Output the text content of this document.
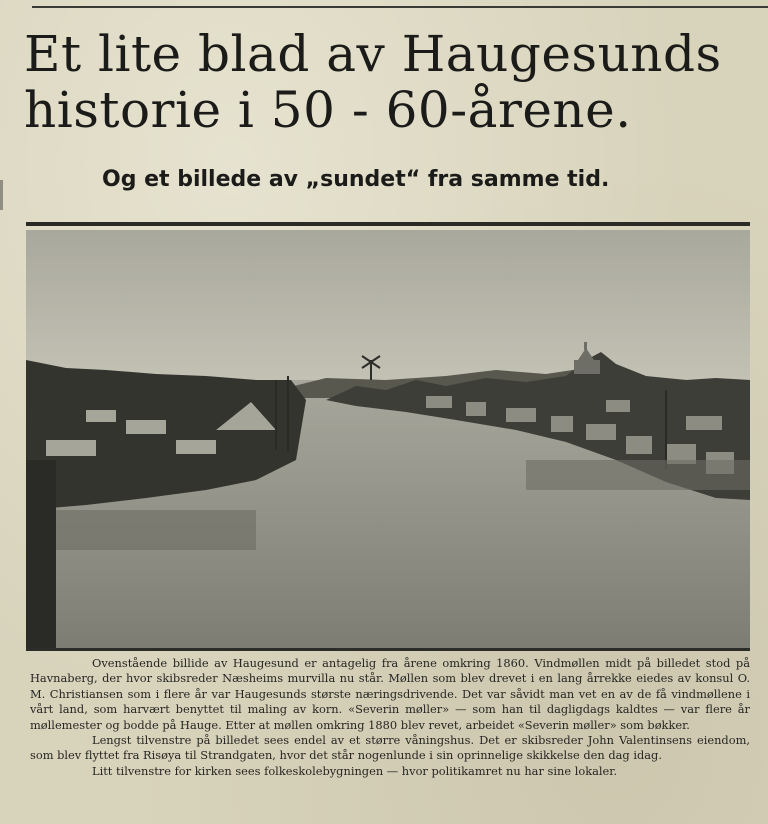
Et lite blad av Haugesunds
historie i 50 - 60-årene.
Og et billede av „sundet“ fra samme tid.

Ovenstående billide av Haugesund er antagelig fra årene omkring 1860. Vindmøllen midt på billedet stod på Havnaberg, der hvor skibsreder Næsheims murvilla nu står. Møllen som blev drevet i en lang årrekke eiedes av konsul O. M. Christiansen som i flere år var Haugesunds største næringsdrivende. Det var såvidt man vet en av de få vindmøllene i vårt land, som harvært benyttet til maling av korn. «Severin møller» — som han til dagligdags kaldtes — var flere år møllemester og bodde på Hauge. Etter at møllen omkring 1880 blev revet, arbeidet «Severin møller» som bøkker.

Lengst tilvenstre på billedet sees endel av et større våningshus. Det er skibsreder John Valentinsens eiendom, som blev flyttet fra Risøya til Strandgaten, hvor det står nogenlunde i sin oprinnelige skikkelse den dag idag.

Litt tilvenstre for kirken sees folkeskolebygningen — hvor politikamret nu har sine lokaler.
